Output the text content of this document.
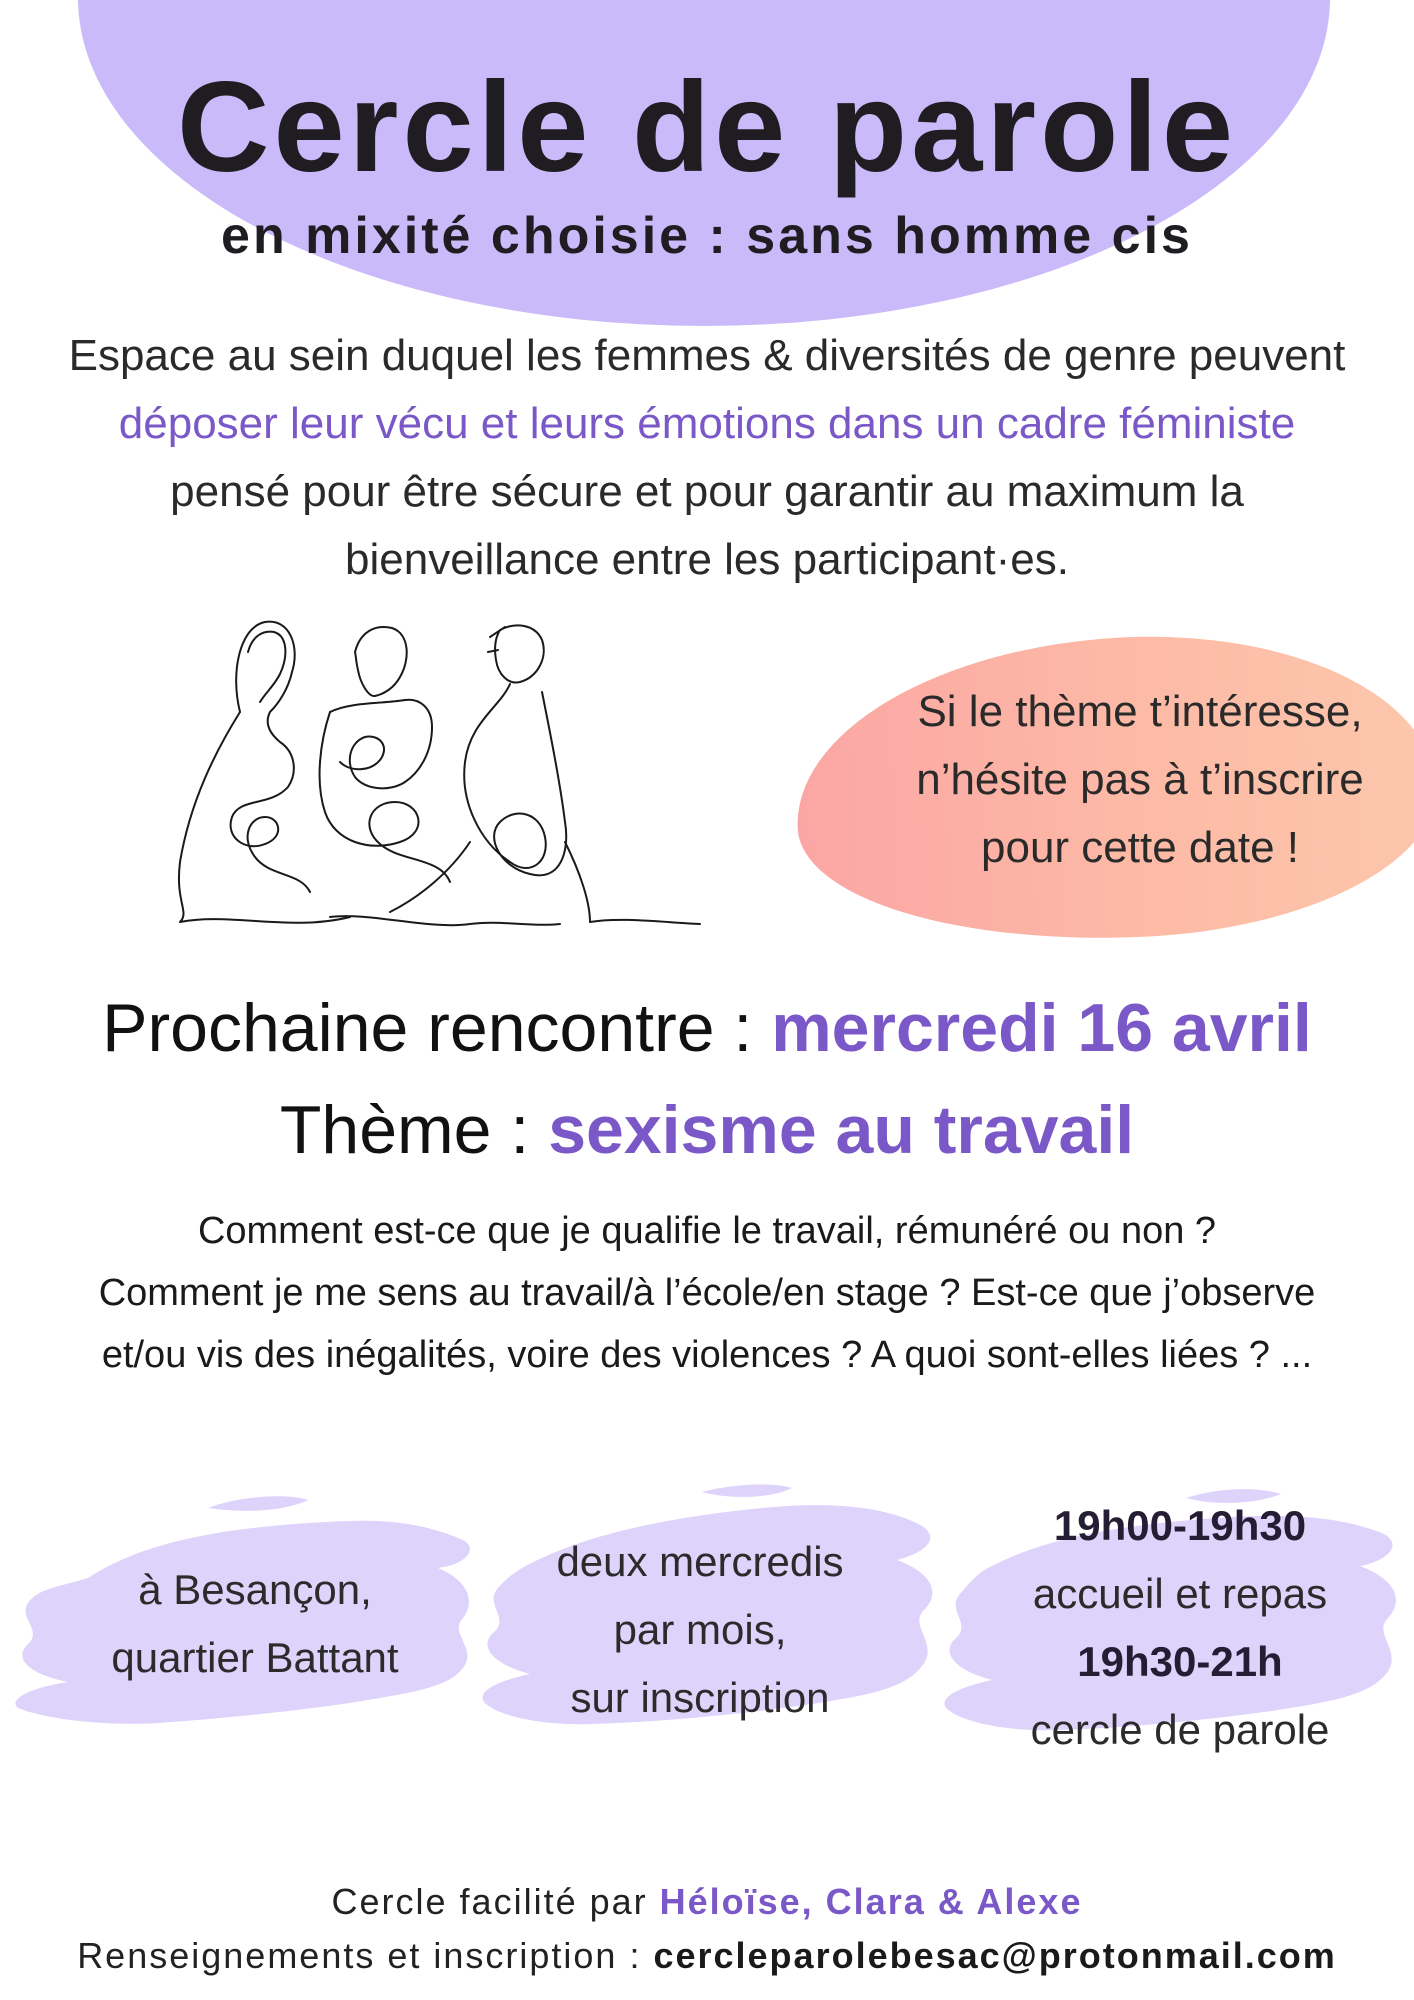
Cercle de parole
en mixité choisie : sans homme cis
Espace au sein duquel les femmes & diversités de genre peuvent
déposer leur vécu et leurs émotions dans un cadre féministe
pensé pour être sécure et pour garantir au maximum la
bienveillance entre les participant·es.
Si le thème t’intéresse,
n’hésite pas à t’inscrire
pour cette date !
Prochaine rencontre : mercredi 16 avril
Thème : sexisme au travail
Comment est-ce que je qualifie le travail, rémunéré ou non ?
Comment je me sens au travail/à l’école/en stage ? Est-ce que j’observe
et/ou vis des inégalités, voire des violences ? A quoi sont-elles liées ? ...
à Besançon,
quartier Battant
deux mercredis
par mois,
sur inscription
19h00-19h30
accueil et repas
19h30-21h
cercle de parole
Cercle facilité par Héloïse, Clara & Alexe
Renseignements et inscription : cercleparolebesac@protonmail.com
